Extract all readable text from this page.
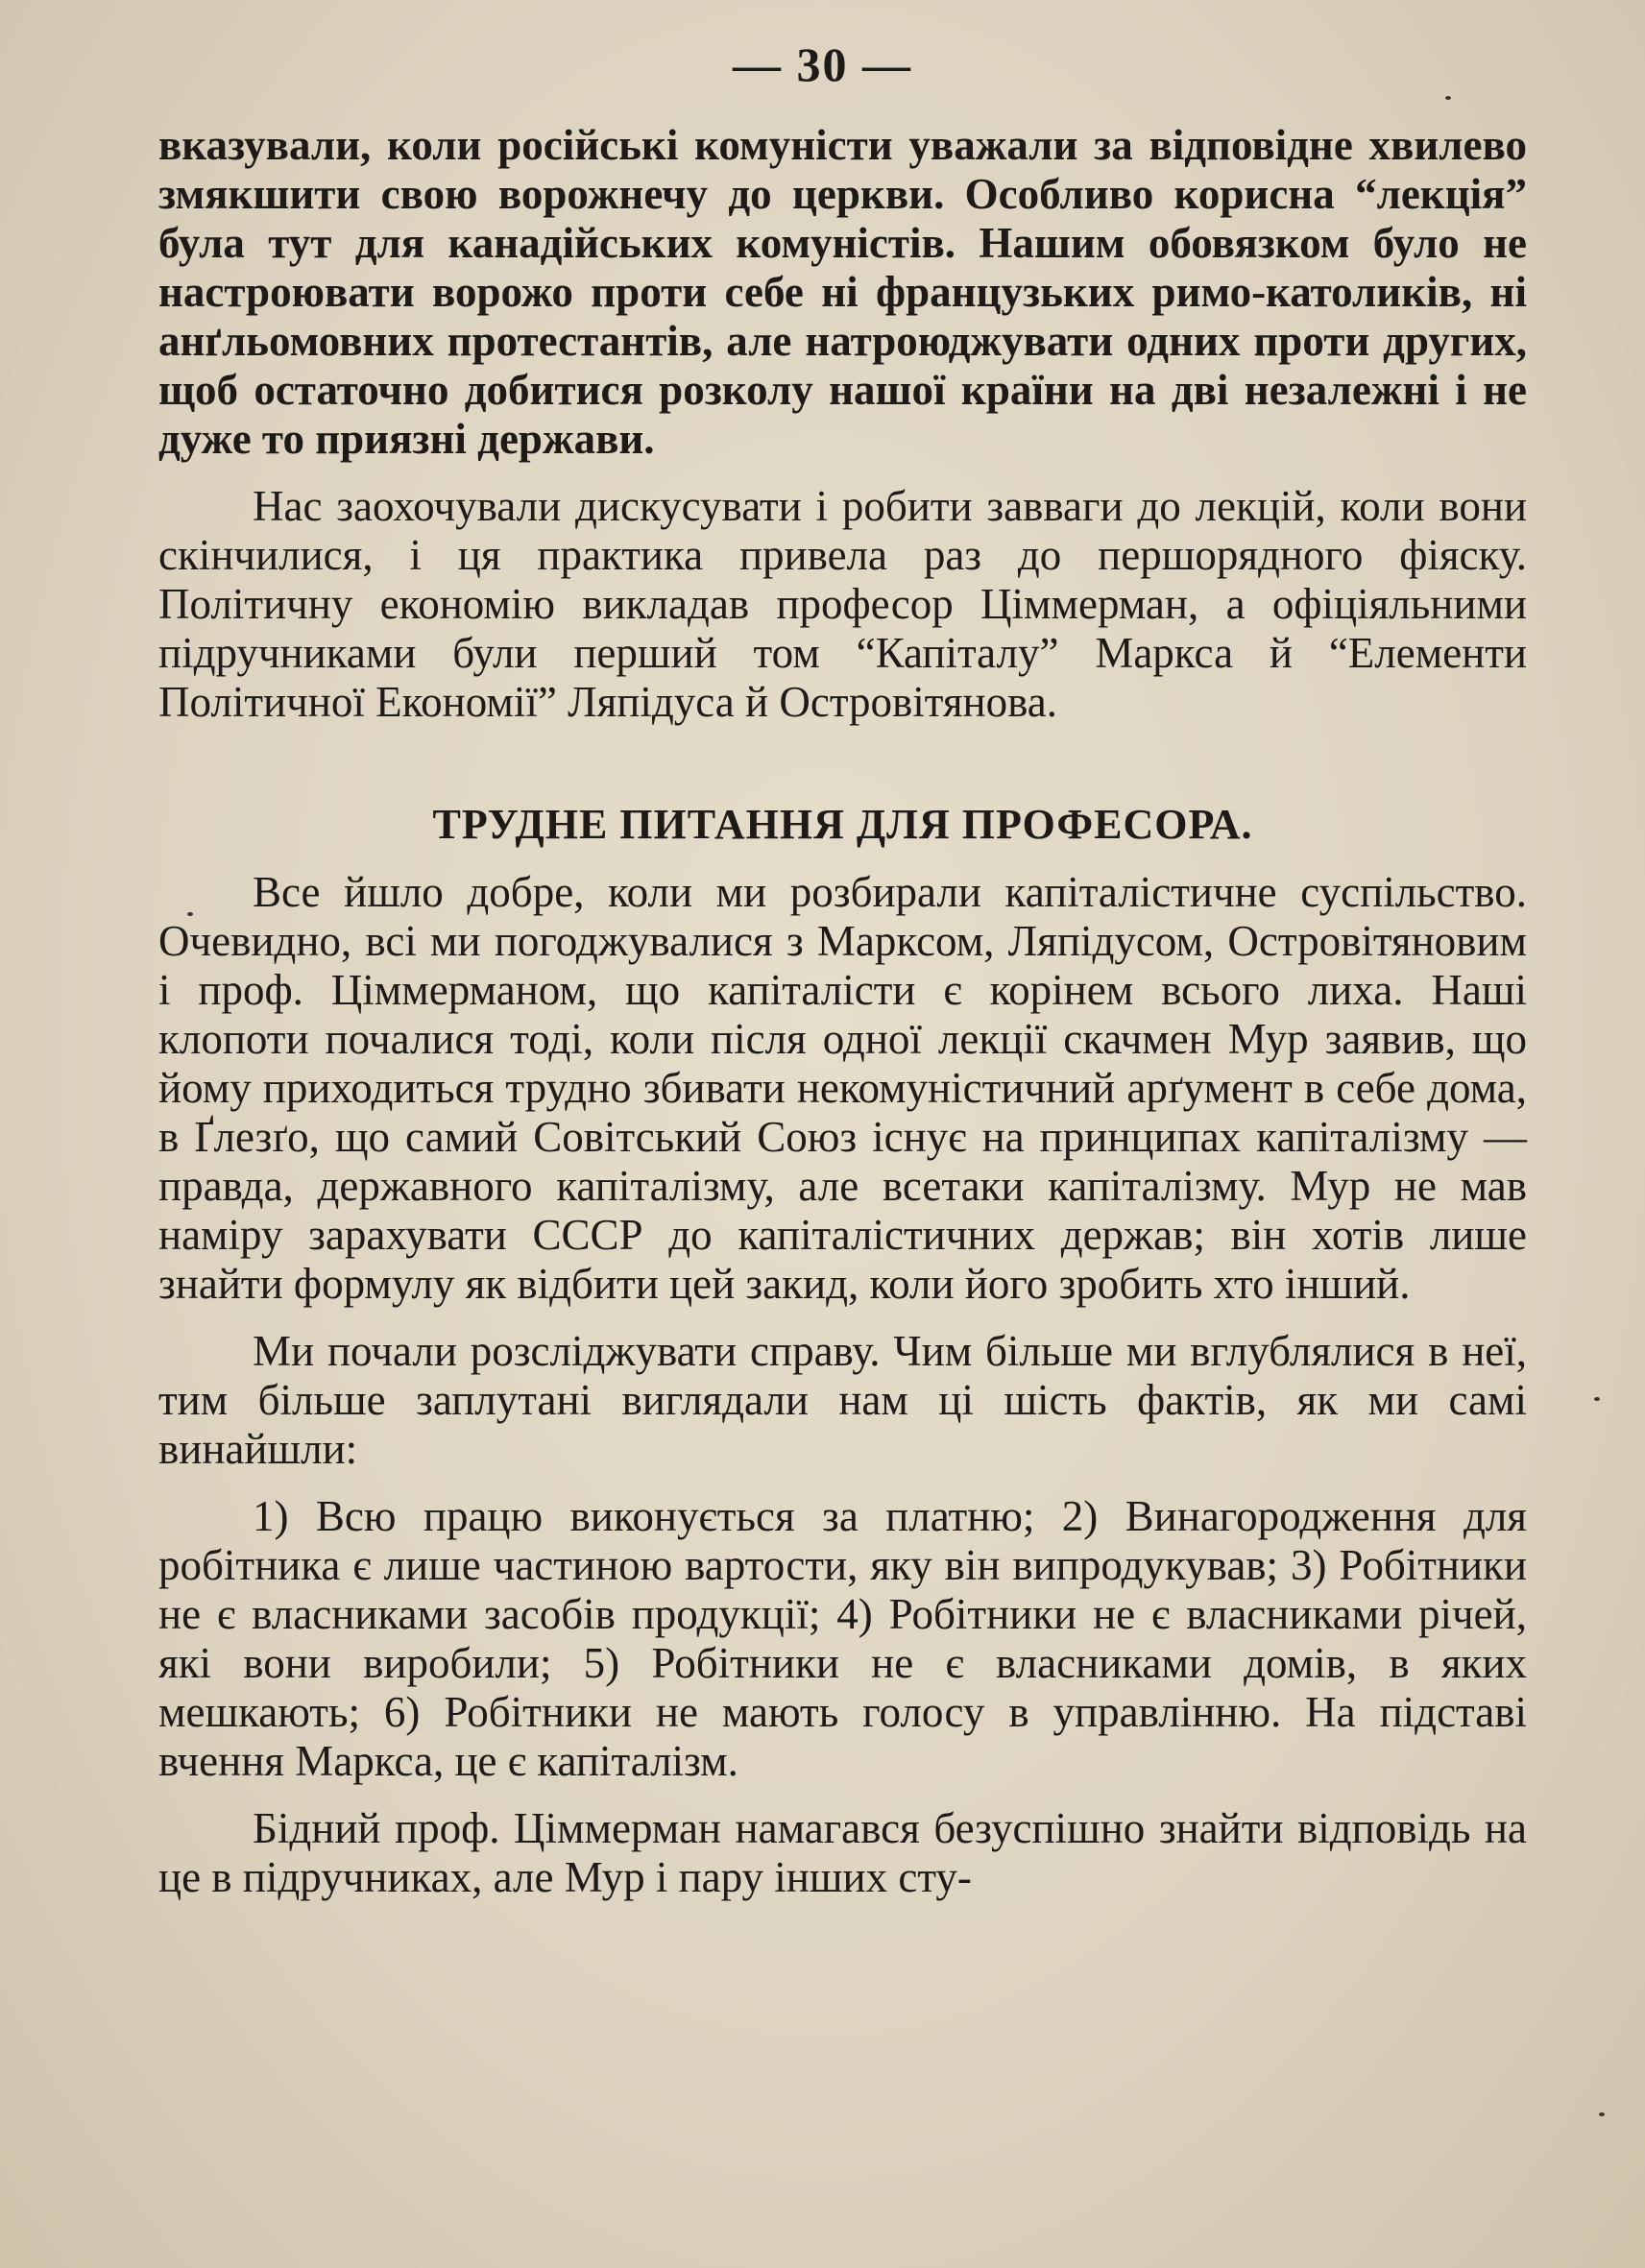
— 30 —

вказували, коли російські комуністи уважали за відповідне хвилево змякшити свою ворожнечу до церкви. Особливо корисна “лекція” була тут для канадійських комуністів. Нашим обовязком було не настроювати ворожо проти себе ні французьких римо-католиків, ні анґльомовних протестантів, але натроюджувати одних проти других, щоб остаточно добитися розколу нашої країни на дві незалежні і не дуже то приязні держави.

Нас заохочували дискусувати і робити завваги до лекцій, коли вони скінчилися, і ця практика привела раз до першорядного фіяску. Політичну економію викладав професор Ціммерман, а офіціяльними підручниками були перший том “Капіталу” Маркса й “Елементи Політичної Економії” Ляпідуса й Островітянова.

ТРУДНЕ ПИТАННЯ ДЛЯ ПРОФЕСОРА.

Все йшло добре, коли ми розбирали капіталістичне суспільство. Очевидно, всі ми погоджувалися з Марксом, Ляпідусом, Островітяновим і проф. Ціммерманом, що капіталісти є корінем всього лиха. Наші клопоти почалися тоді, коли після одної лекції скачмен Мур заявив, що йому приходиться трудно збивати некомуністичний арґумент в себе дома, в Ґлезґо, що самий Совітський Союз існує на принципах капіталізму — правда, державного капіталізму, але всетаки капіталізму. Мур не мав наміру зарахувати СССР до капіталістичних держав; він хотів лише знайти формулу як відбити цей закид, коли його зробить хто інший.

Ми почали розсліджувати справу. Чим більше ми вглублялися в неї, тим більше заплутані виглядали нам ці шість фактів, як ми самі винайшли:

1) Всю працю виконується за платню; 2) Винагородження для робітника є лише частиною вартости, яку він випродукував; 3) Робітники не є власниками засобів продукції; 4) Робітники не є власниками річей, які вони виробили; 5) Робітники не є власниками домів, в яких мешкають; 6) Робітники не мають голосу в управлінню. На підставі вчення Маркса, це є капіталізм.

Бідний проф. Ціммерман намагався безуспішно знайти відповідь на це в підручниках, але Мур і пару інших сту-
